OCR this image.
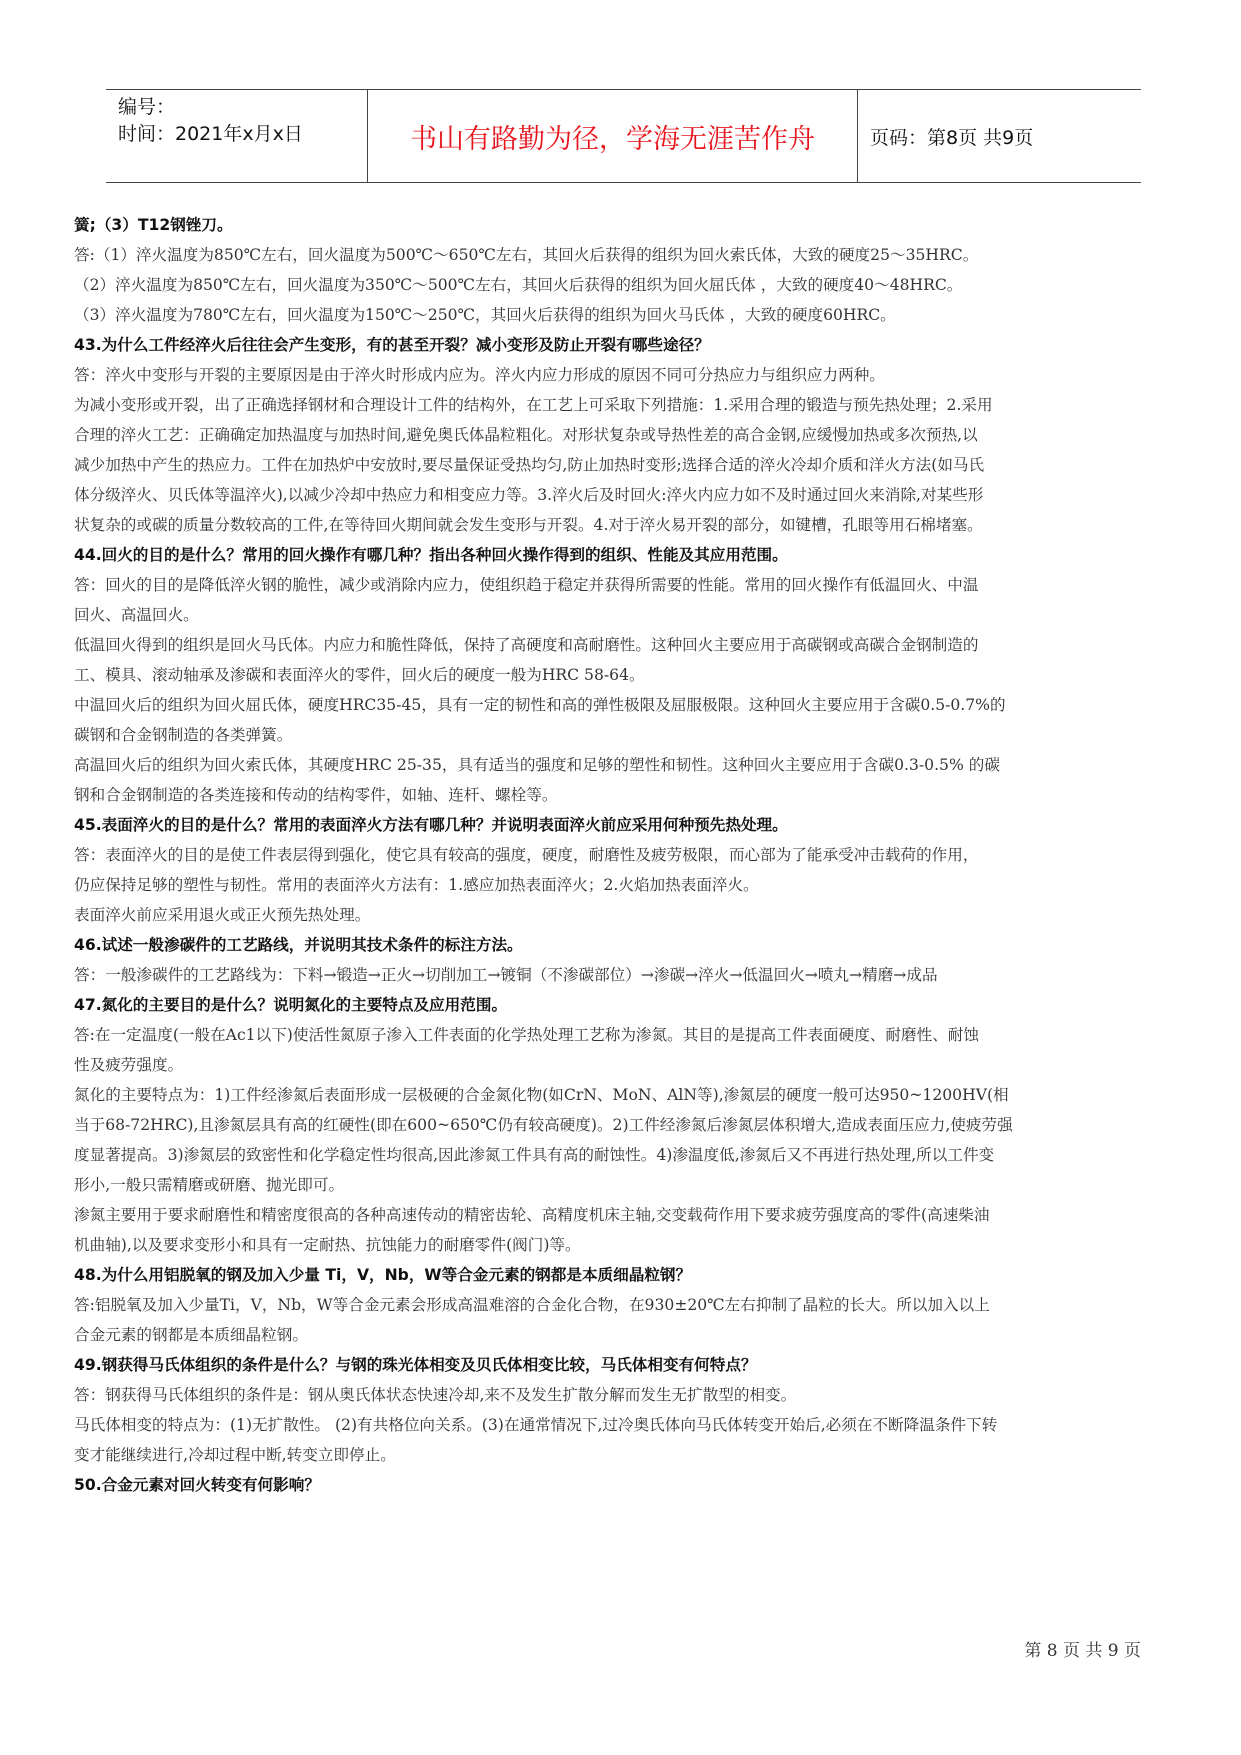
编号：
时间：2021年x月x日	书山有路勤为径，学海无涯苦作舟	页码：第8页 共9页
簧;（3）T12钢锉刀。
答:（1）淬火温度为850℃左右，回火温度为500℃～650℃左右，其回火后获得的组织为回火索氏体，大致的硬度25～35HRC。
（2）淬火温度为850℃左右，回火温度为350℃～500℃左右，其回火后获得的组织为回火屈氏体 ，大致的硬度40～48HRC。
（3）淬火温度为780℃左右，回火温度为150℃～250℃，其回火后获得的组织为回火马氏体 ，大致的硬度60HRC。
43.为什么工件经淬火后往往会产生变形，有的甚至开裂？减小变形及防止开裂有哪些途径？
答：淬火中变形与开裂的主要原因是由于淬火时形成内应为。淬火内应力形成的原因不同可分热应力与组织应力两种。
为减小变形或开裂，出了正确选择钢材和合理设计工件的结构外，在工艺上可采取下列措施：1.采用合理的锻造与预先热处理；2.采用
合理的淬火工艺：正确确定加热温度与加热时间,避免奥氏体晶粒粗化。对形状复杂或导热性差的高合金钢,应缓慢加热或多次预热,以
减少加热中产生的热应力。工件在加热炉中安放时,要尽量保证受热均匀,防止加热时变形;选择合适的淬火冷却介质和洋火方法(如马氏
体分级淬火、贝氏体等温淬火),以减少冷却中热应力和相变应力等。3.淬火后及时回火:淬火内应力如不及时通过回火来消除,对某些形
状复杂的或碳的质量分数较高的工件,在等待回火期间就会发生变形与开裂。4.对于淬火易开裂的部分，如键槽，孔眼等用石棉堵塞。
44.回火的目的是什么？常用的回火操作有哪几种？指出各种回火操作得到的组织、性能及其应用范围。
答：回火的目的是降低淬火钢的脆性，减少或消除内应力，使组织趋于稳定并获得所需要的性能。常用的回火操作有低温回火、中温
回火、高温回火。
低温回火得到的组织是回火马氏体。内应力和脆性降低，保持了高硬度和高耐磨性。这种回火主要应用于高碳钢或高碳合金钢制造的
工、模具、滚动轴承及渗碳和表面淬火的零件，回火后的硬度一般为HRC 58-64。
中温回火后的组织为回火屈氏体，硬度HRC35-45，具有一定的韧性和高的弹性极限及屈服极限。这种回火主要应用于含碳0.5-0.7%的
碳钢和合金钢制造的各类弹簧。
高温回火后的组织为回火索氏体，其硬度HRC 25-35，具有适当的强度和足够的塑性和韧性。这种回火主要应用于含碳0.3-0.5% 的碳
钢和合金钢制造的各类连接和传动的结构零件，如轴、连杆、螺栓等。
45.表面淬火的目的是什么？常用的表面淬火方法有哪几种？并说明表面淬火前应采用何种预先热处理。
答：表面淬火的目的是使工件表层得到强化，使它具有较高的强度，硬度，耐磨性及疲劳极限，而心部为了能承受冲击载荷的作用，
仍应保持足够的塑性与韧性。常用的表面淬火方法有：1.感应加热表面淬火；2.火焰加热表面淬火。
表面淬火前应采用退火或正火预先热处理。
46.试述一般渗碳件的工艺路线，并说明其技术条件的标注方法。
答：一般渗碳件的工艺路线为：下料→锻造→正火→切削加工→镀铜（不渗碳部位）→渗碳→淬火→低温回火→喷丸→精磨→成品
47.氮化的主要目的是什么？说明氮化的主要特点及应用范围。
答:在一定温度(一般在Ac1以下)使活性氮原子渗入工件表面的化学热处理工艺称为渗氮。其目的是提高工件表面硬度、耐磨性、耐蚀
性及疲劳强度。
氮化的主要特点为：1)工件经渗氮后表面形成一层极硬的合金氮化物(如CrN、MoN、AlN等),渗氮层的硬度一般可达950~1200HV(相
当于68-72HRC),且渗氮层具有高的红硬性(即在600~650℃仍有较高硬度)。2)工件经渗氮后渗氮层体积增大,造成表面压应力,使疲劳强
度显著提高。3)渗氮层的致密性和化学稳定性均很高,因此渗氮工件具有高的耐蚀性。4)渗温度低,渗氮后又不再进行热处理,所以工件变
形小,一般只需精磨或研磨、抛光即可。
渗氮主要用于要求耐磨性和精密度很高的各种高速传动的精密齿轮、高精度机床主轴,交变载荷作用下要求疲劳强度高的零件(高速柴油
机曲轴),以及要求变形小和具有一定耐热、抗蚀能力的耐磨零件(阀门)等。
48.为什么用铝脱氧的钢及加入少量 Ti，V，Nb，W等合金元素的钢都是本质细晶粒钢？
答:铝脱氧及加入少量Ti，V，Nb，W等合金元素会形成高温难溶的合金化合物，在930±20℃左右抑制了晶粒的长大。所以加入以上
合金元素的钢都是本质细晶粒钢。
49.钢获得马氏体组织的条件是什么？与钢的珠光体相变及贝氏体相变比较，马氏体相变有何特点？
答：钢获得马氏体组织的条件是：钢从奥氏体状态快速冷却,来不及发生扩散分解而发生无扩散型的相变。
马氏体相变的特点为：(1)无扩散性。 (2)有共格位向关系。(3)在通常情况下,过冷奥氏体向马氏体转变开始后,必须在不断降温条件下转
变才能继续进行,冷却过程中断,转变立即停止。
50.合金元素对回火转变有何影响？
第 8 页 共 9 页
